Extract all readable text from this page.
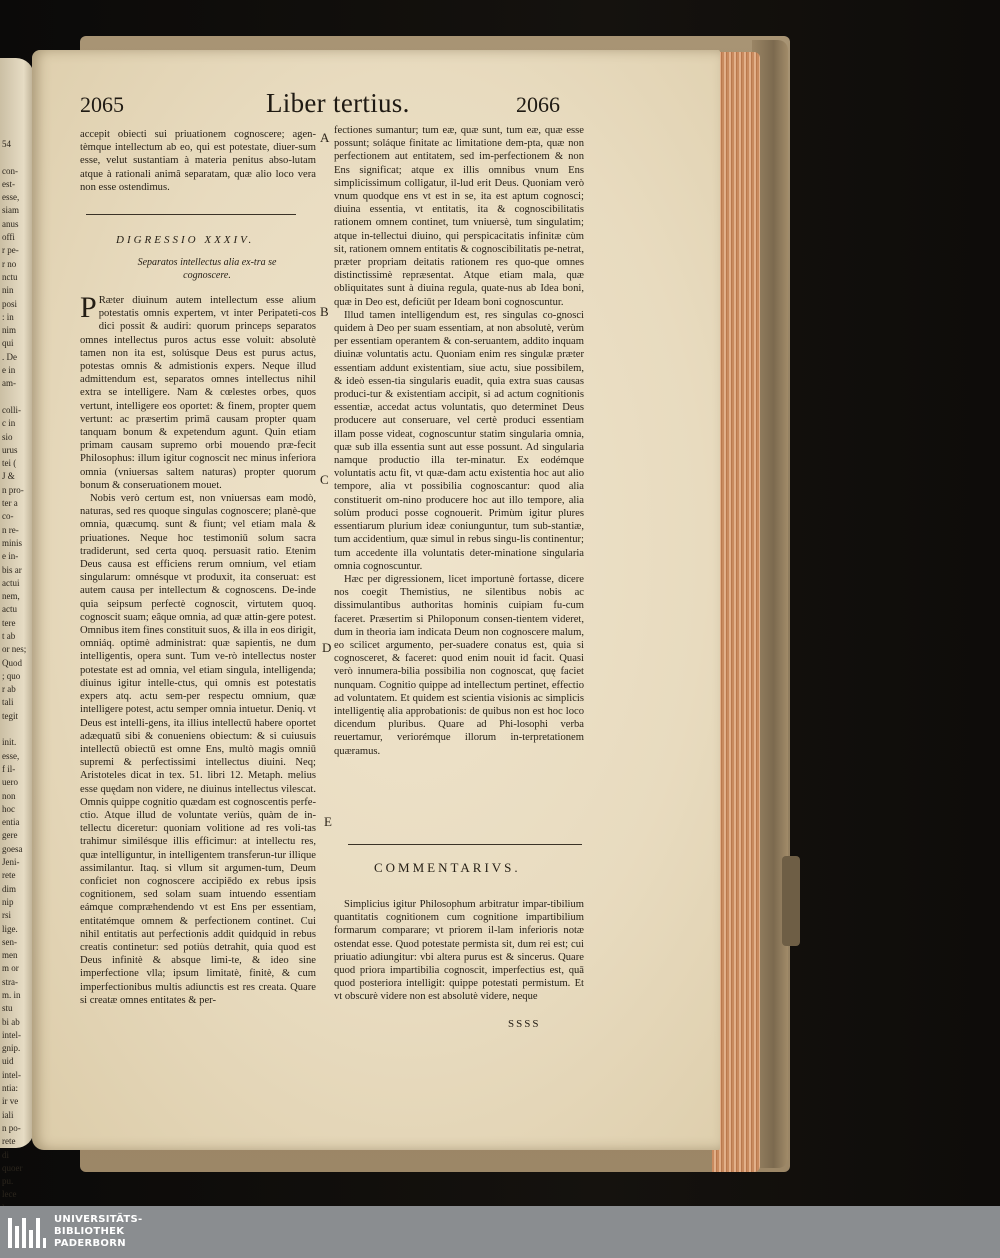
54

con-
est-
esse,
siam
anus
offi
r pe-
r no
nctu
nin
posi
: in
nim
qui
. De
e in
am-

colli-
c in
sio
urus
tei (
J &
n pro-
ter a
co-
n re-
minis
e in-
bis ar
actui
nem,
actu
tere
t ab
or nes;
Quod
; quo
r ab
tali
tegit

init.
esse,
f il-
uero
non
hoc
entia
gere
goesa
Jeni-
rete
dim
nip
rsi
lige.
sen-
men
m or
stra-
m. in
stu
bi ab
intel-
gnip.
uid
intel-
ntia:
ir ve
iali
n po-
rete
di
quoer
pu.
lece

2065	Liber tertius.	2066

accepit obiecti sui priuationem cognoscere; agen-tèmque intellectum ab eo, qui est potestate, diuer-sum esse, velut sustantiam à materia penitus abso-lutam atque à rationali animâ separatam, quæ alio loco vera non esse ostendimus.

DIGRESSIO XXXIV.
Separatos intellectus alia ex-tra se cognoscere.
P Ræter diuinum autem intellectum esse alium potestatis omnis expertem, vt inter Peripateti-cos dici possit & audiri: quorum princeps separatos omnes intellectus puros actus esse voluit: absolutè tamen non ita est, solúsque Deus est purus actus, potestas omnis & admistionis expers. Neque illud admittendum est, separatos omnes intellectus nihil extra se intelligere. Nam & cœlestes orbes, quos vertunt, intelligere eos oportet: & finem, propter quem vertunt: ac præsertim primā causam propter quam tanquam bonum & expetendum agunt. Quin etiam primam causam supremo orbi mouendo præ-fecit Philosophus: illum igitur cognoscit nec minus inferiora omnia (vniuersas saltem naturas) propter quorum bonum & conseruationem mouet.

Nobis verò certum est, non vniuersas eam modò, naturas, sed res quoque singulas cognoscere; planè-que omnia, quæcumq. sunt & fiunt; vel etiam mala & priuationes. Neque hoc testimoniū solum sacra tradiderunt, sed certa quoq. persuasit ratio. Etenim Deus causa est efficiens rerum omnium, vel etiam singularum: omnésque vt produxit, ita conseruat: est autem causa per intellectum & cognoscens. De-inde quia seipsum perfectè cognoscit, virtutem quoq. cognoscit suam; eâque omnia, ad quæ attin-gere potest. Omnibus item fines constituit suos, & illa in eos dirigit, omniáq. optimè administrat: quæ sapientis, ne dum intelligentis, opera sunt. Tum ve-rò intellectus noster potestate est ad omnia, vel etiam singula, intelligenda; diuinus igitur intelle-ctus, qui omnis est potestatis expers atq. actu sem-per respectu omnium, quæ intelligere potest, actu semper omnia intuetur. Deniq. vt Deus est intelli-gens, ita illius intellectū habere oportet adæquatū sibi & conueniens obiectum: & si cuiusuis intellectū obiectū est omne Ens, multò magis omniū supremi & perfectissimi intellectus diuini. Neq; Aristoteles dicat in tex. 51. libri 12. Metaph. melius esse quędam non videre, ne diuinus intellectus vilescat. Omnis quippe cognitio quædam est cognoscentis perfe-ctio. Atque illud de voluntate veriùs, quàm de in-tellectu diceretur: quoniam volitione ad res voli-tas trahimur similésque illis efficimur: at intellectu res, quæ intelliguntur, in intelligentem transferun-tur illique assimilantur. Itaq. si vllum sit argumen-tum, Deum conficiet non cognoscere accipiēdo ex rebus ipsis cognitionem, sed solam suam intuendo essentiam eámque compræhendendo vt est Ens per essentiam, entitatémque omnem & perfectionem continet. Cui nihil entitatis aut perfectionis addit quidquid in rebus creatis continetur: sed potiùs detrahit, quia quod est Deus infinitè & absque limi-te, & ideo sine imperfectione vlla; ipsum limitatè, finitè, & cum imperfectionibus multis adiunctis est res creata. Quare si creatæ omnes entitates & per-

A
B
C
D
E

fectiones sumantur; tum eæ, quæ sunt, tum eæ, quæ esse possunt; soláque finitate ac limitatione dem-pta, quæ non perfectionem aut entitatem, sed im-perfectionem & non Ens significat; atque ex illis omnibus vnum Ens simplicissimum colligatur, il-lud erit Deus. Quoniam verò vnum quodque ens vt est in se, ita est aptum cognosci; diuina essentia, vt entitatis, ita & cognoscibilitatis rationem omnem continet, tum vniuersè, tum singulatim; atque in-tellectui diuino, qui perspicacitatis infinitæ cùm sit, rationem omnem entitatis & cognoscibilitatis pe-netrat, præter propriam deitatis rationem res quo-que omnes distinctissimè repræsentat. Atque etiam mala, quæ obliquitates sunt à diuina regula, quate-nus ab Idea boni, quæ in Deo est, deficiūt per Ideam boni cognoscuntur.

Illud tamen intelligendum est, res singulas co-gnosci quidem à Deo per suam essentiam, at non absolutè, verùm per essentiam operantem & con-seruantem, addito inquam diuinæ voluntatis actu. Quoniam enim res singulæ præter essentiam addunt existentiam, siue actu, siue possibilem, & ideò essen-tia singularis euadit, quia extra suas causas produci-tur & existentiam accipit, si ad actum cognitionis essentiæ, accedat actus voluntatis, quo determinet Deus producere aut conseruare, vel certè produci essentiam illam posse videat, cognoscuntur statim singularia omnia, quæ sub illa essentia sunt aut esse possunt. Ad singularia namque productio illa ter-minatur. Ex eodémque voluntatis actu fit, vt quæ-dam actu existentia hoc aut alio tempore, alia vt possibilia cognoscantur: quod alia constituerit om-nino producere hoc aut illo tempore, alia solùm produci posse cognouerit. Primùm igitur plures essentiarum plurium ideæ coniunguntur, tum sub-stantiæ, tum accidentium, quæ simul in rebus singu-lis continentur; tum accedente illa voluntatis deter-minatione singularia omnia cognoscuntur.

Hæc per digressionem, licet importunè fortasse, dicere nos coegit Themistius, ne silentibus nobis ac dissimulantibus authoritas hominis cuipiam fu-cum faceret. Præsertim si Philoponum consen-tientem videret, dum in theoria iam indicata Deum non cognoscere malum, eo scilicet argumento, per-suadere conatus est, quia si cognosceret, & faceret: quod enim nouit id facit. Quasi verò innumera-bilia possibilia non cognoscat, quę faciet nunquam. Cognitio quippe ad intellectum pertinet, effectio ad voluntatem. Et quidem est scientia visionis ac simplicis intelligentię alia approbationis: de quibus non est hoc loco dicendum pluribus. Quare ad Phi-losophi verba reuertamur, veriorémque illorum in-terpretationem quæramus.

COMMENTARIVS.

Simplicius igitur Philosophum arbitratur impar-tibilium quantitatis cognitionem cum cognitione impartibilium formarum comparare; vt priorem il-lam inferioris notæ ostendat esse. Quod potestate permista sit, dum rei est; cui priuatio adiungitur: vbi altera purus est & sincerus. Quare quod priora impartibilia cognoscit, imperfectius est, quā quod posteriora intelligit: quippe potestati permistum. Et vt obscurè videre non est absolutè videre, neque

SSSS
UNIVERSITÄTS-
BIBLIOTHEK
PADERBORN
